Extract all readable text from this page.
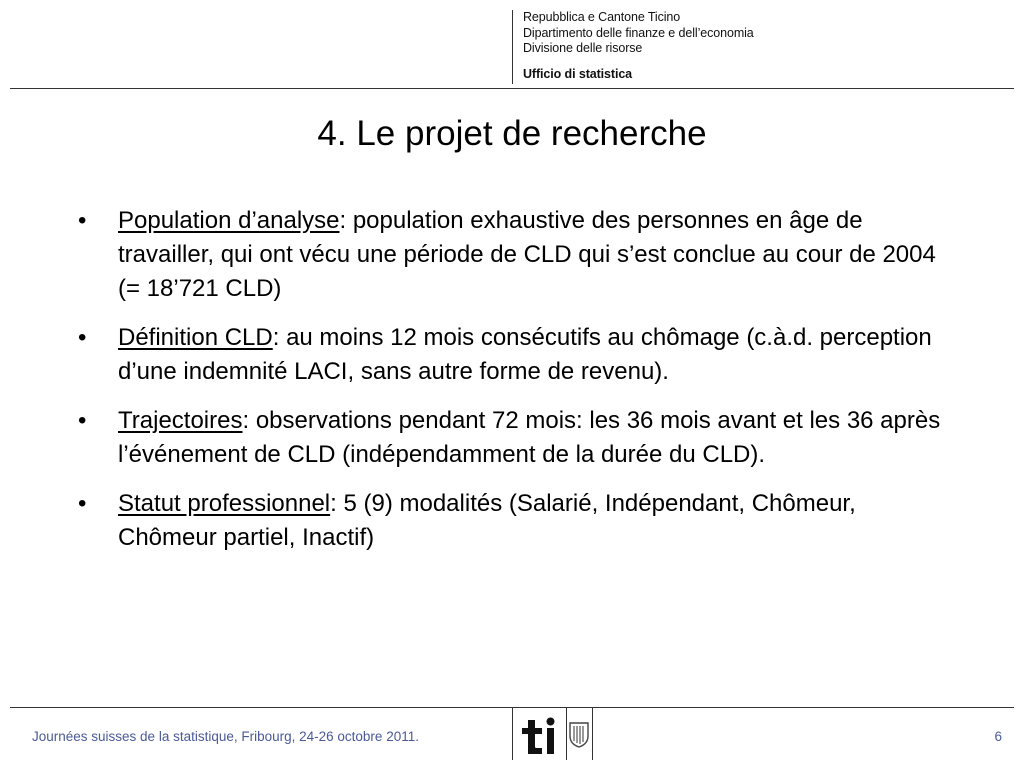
Repubblica e Cantone Ticino
Dipartimento delle finanze e dell’economia
Divisione delle risorse
Ufficio di statistica
4. Le projet de recherche
• Population d’analyse: population exhaustive des personnes en âge de travailler, qui ont vécu une période de CLD qui s’est conclue au cour de 2004 (= 18’721 CLD)
• Définition CLD: au moins 12 mois consécutifs au chômage (c.à.d. perception d’une indemnité LACI, sans autre forme de revenu).
• Trajectoires: observations pendant 72 mois: les 36 mois avant et les 36 après l’événement de CLD (indépendamment de la durée du CLD).
• Statut professionnel: 5 (9) modalités (Salarié, Indépendant, Chômeur, Chômeur partiel, Inactif)
Journées suisses de la statistique, Fribourg, 24-26 octobre 2011.	6
